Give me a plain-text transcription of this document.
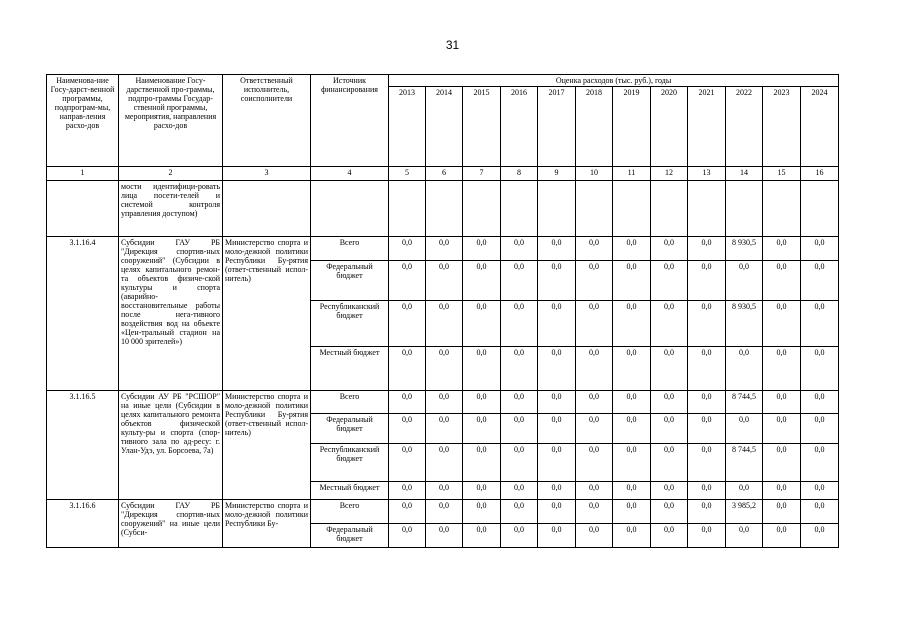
31
Наименова-ние Госу-дарст-венной программы, подпрограм-мы, направ-ления расхо-дов	Наименование Госу-дарственной про-граммы, подпро-граммы Государ-ственной программы, мероприятия, направления расхо-дов	Ответственный исполнитель, соисполнители	Источник финансирования	Оценка расходов (тыс. руб.), годы											
				2013	2014	2015	2016	2017	2018	2019	2020	2021	2022	2023	2024
1	2	3	4	5	6	7	8	9	10	11	12	13	14	15	16
	мости идентифици-ровать лица посети-телей и системой контроля управления доступом)														
3.1.16.4	Субсидии ГАУ РБ "Дирекция спортив-ных сооружений" (Субсидии в целях капитального ремон-та объектов физиче-ской культуры и спорта (аварийно-восстановительные работы после нега-тивного воздействия вод на объекте «Цен-тральный стадион на 10 000 зрителей»)	Министерство спорта и моло-дежной политики Республики Бу-рятия (ответ-ственный испол-нитель)	Всего	0,0	0,0	0,0	0,0	0,0	0,0	0,0	0,0	0,0	8 930,5	0,0	0,0
			Федеральный бюджет	0,0	0,0	0,0	0,0	0,0	0,0	0,0	0,0	0,0	0,0	0,0	0,0
			Республиканский бюджет	0,0	0,0	0,0	0,0	0,0	0,0	0,0	0,0	0,0	8 930,5	0,0	0,0
			Местный бюджет	0,0	0,0	0,0	0,0	0,0	0,0	0,0	0,0	0,0	0,0	0,0	0,0
3.1.16.5	Субсидии АУ РБ "РСШОР" на иные цели (Субсидии в целях капитального ремонта объектов физической культу-ры и спорта (спор-тивного зала по ад-ресу: г. Улан-Удэ, ул. Борсоева, 7а)	Министерство спорта и моло-дежной политики Республики Бу-рятия (ответ-ственный испол-нитель)	Всего	0,0	0,0	0,0	0,0	0,0	0,0	0,0	0,0	0,0	8 744,5	0,0	0,0
			Федеральный бюджет	0,0	0,0	0,0	0,0	0,0	0,0	0,0	0,0	0,0	0,0	0,0	0,0
			Республиканский бюджет	0,0	0,0	0,0	0,0	0,0	0,0	0,0	0,0	0,0	8 744,5	0,0	0,0
			Местный бюджет	0,0	0,0	0,0	0,0	0,0	0,0	0,0	0,0	0,0	0,0	0,0	0,0
3.1.16.6	Субсидии ГАУ РБ "Дирекция спортив-ных сооружений" на иные цели (Субси-	Министерство спорта и моло-дежной политики Республики Бу-	Всего	0,0	0,0	0,0	0,0	0,0	0,0	0,0	0,0	0,0	3 985,2	0,0	0,0
			Федеральный бюджет	0,0	0,0	0,0	0,0	0,0	0,0	0,0	0,0	0,0	0,0	0,0	0,0
